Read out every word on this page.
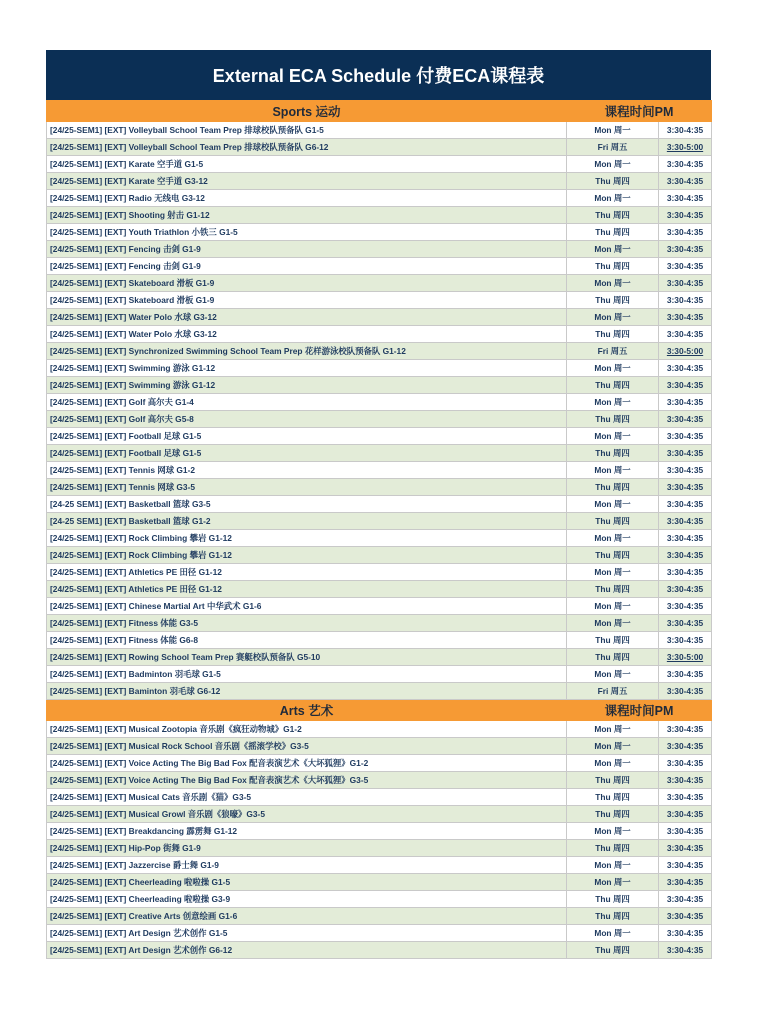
External ECA Schedule 付费ECA课程表
Sports 运动	课程时间PM	
[24/25-SEM1] [EXT] Volleyball School Team Prep 排球校队预备队 G1-5	Mon 周一	3:30-4:35
[24/25-SEM1] [EXT] Volleyball School Team Prep 排球校队预备队 G6-12	Fri 周五	3:30-5:00
[24/25-SEM1] [EXT] Karate 空手道 G1-5	Mon 周一	3:30-4:35
[24/25-SEM1] [EXT] Karate 空手道 G3-12	Thu 周四	3:30-4:35
[24/25-SEM1] [EXT] Radio 无线电 G3-12	Mon 周一	3:30-4:35
[24/25-SEM1] [EXT] Shooting 射击 G1-12	Thu 周四	3:30-4:35
[24/25-SEM1] [EXT] Youth Triathlon 小铁三 G1-5	Thu 周四	3:30-4:35
[24/25-SEM1] [EXT] Fencing 击剑 G1-9	Mon 周一	3:30-4:35
[24/25-SEM1] [EXT] Fencing 击剑 G1-9	Thu 周四	3:30-4:35
[24/25-SEM1] [EXT] Skateboard 滑板 G1-9	Mon 周一	3:30-4:35
[24/25-SEM1] [EXT] Skateboard 滑板 G1-9	Thu 周四	3:30-4:35
[24/25-SEM1] [EXT] Water Polo 水球 G3-12	Mon 周一	3:30-4:35
[24/25-SEM1] [EXT] Water Polo 水球 G3-12	Thu 周四	3:30-4:35
[24/25-SEM1] [EXT] Synchronized Swimming School Team Prep 花样游泳校队预备队 G1-12	Fri 周五	3:30-5:00
[24/25-SEM1] [EXT] Swimming 游泳 G1-12	Mon 周一	3:30-4:35
[24/25-SEM1] [EXT] Swimming 游泳 G1-12	Thu 周四	3:30-4:35
[24/25-SEM1] [EXT] Golf 高尔夫 G1-4	Mon 周一	3:30-4:35
[24/25-SEM1] [EXT] Golf 高尔夫 G5-8	Thu 周四	3:30-4:35
[24/25-SEM1] [EXT] Football 足球 G1-5	Mon 周一	3:30-4:35
[24/25-SEM1] [EXT] Football 足球 G1-5	Thu 周四	3:30-4:35
[24/25-SEM1] [EXT] Tennis 网球 G1-2	Mon 周一	3:30-4:35
[24/25-SEM1] [EXT] Tennis 网球 G3-5	Thu 周四	3:30-4:35
[24-25 SEM1] [EXT] Basketball 篮球 G3-5	Mon 周一	3:30-4:35
[24-25 SEM1] [EXT] Basketball 篮球 G1-2	Thu 周四	3:30-4:35
[24/25-SEM1] [EXT] Rock Climbing 攀岩 G1-12	Mon 周一	3:30-4:35
[24/25-SEM1] [EXT] Rock Climbing 攀岩 G1-12	Thu 周四	3:30-4:35
[24/25-SEM1] [EXT] Athletics PE 田径 G1-12	Mon 周一	3:30-4:35
[24/25-SEM1] [EXT] Athletics PE 田径 G1-12	Thu 周四	3:30-4:35
[24/25-SEM1] [EXT] Chinese Martial Art 中华武术 G1-6	Mon 周一	3:30-4:35
[24/25-SEM1] [EXT] Fitness 体能 G3-5	Mon 周一	3:30-4:35
[24/25-SEM1] [EXT] Fitness 体能 G6-8	Thu 周四	3:30-4:35
[24/25-SEM1] [EXT] Rowing School Team Prep 赛艇校队预备队 G5-10	Thu 周四	3:30-5:00
[24/25-SEM1] [EXT] Badminton 羽毛球 G1-5	Mon 周一	3:30-4:35
[24/25-SEM1] [EXT] Baminton 羽毛球 G6-12	Fri 周五	3:30-4:35
Arts 艺术	课程时间PM	
[24/25-SEM1] [EXT] Musical Zootopia 音乐剧《疯狂动物城》G1-2	Mon 周一	3:30-4:35
[24/25-SEM1] [EXT] Musical Rock School 音乐剧《摇滚学校》G3-5	Mon 周一	3:30-4:35
[24/25-SEM1] [EXT] Voice Acting The Big Bad Fox 配音表演艺术《大坏狐狸》G1-2	Mon 周一	3:30-4:35
[24/25-SEM1] [EXT] Voice Acting The Big Bad Fox 配音表演艺术《大坏狐狸》G3-5	Thu 周四	3:30-4:35
[24/25-SEM1] [EXT] Musical Cats 音乐剧《猫》G3-5	Thu 周四	3:30-4:35
[24/25-SEM1] [EXT] Musical Growl 音乐剧《狼嚎》G3-5	Thu 周四	3:30-4:35
[24/25-SEM1] [EXT] Breakdancing 霹雳舞 G1-12	Mon 周一	3:30-4:35
[24/25-SEM1] [EXT] Hip-Pop 街舞 G1-9	Thu 周四	3:30-4:35
[24/25-SEM1] [EXT] Jazzercise 爵士舞 G1-9	Mon 周一	3:30-4:35
[24/25-SEM1] [EXT] Cheerleading 啦啦操 G1-5	Mon 周一	3:30-4:35
[24/25-SEM1] [EXT] Cheerleading 啦啦操 G3-9	Thu 周四	3:30-4:35
[24/25-SEM1] [EXT] Creative Arts 创意绘画 G1-6	Thu 周四	3:30-4:35
[24/25-SEM1] [EXT] Art Design 艺术创作 G1-5	Mon 周一	3:30-4:35
[24/25-SEM1] [EXT] Art Design 艺术创作 G6-12	Thu 周四	3:30-4:35
